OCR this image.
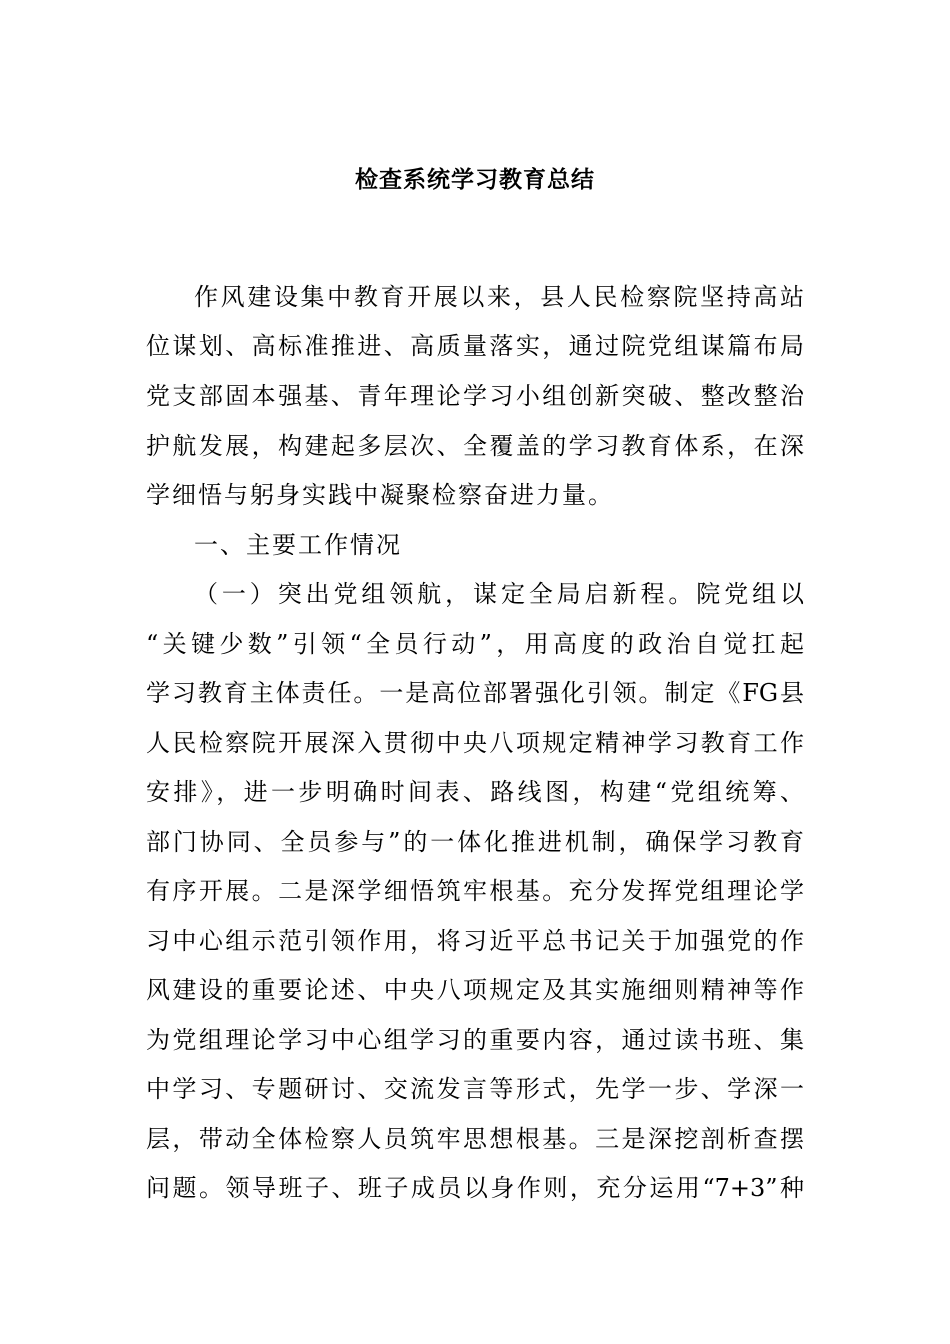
检查系统学习教育总结
作风建设集中教育开展以来，县人民检察院坚持高站
位谋划、高标准推进、高质量落实，通过院党组谋篇布局
党支部固本强基、青年理论学习小组创新突破、整改整治
护航发展，构建起多层次、全覆盖的学习教育体系，在深
学细悟与躬身实践中凝聚检察奋进力量。
一、主要工作情况
（一）突出党组领航，谋定全局启新程。院党组以
“关键少数”引领“全员行动”，用高度的政治自觉扛起
学习教育主体责任。一是高位部署强化引领。制定《FG县
人民检察院开展深入贯彻中央八项规定精神学习教育工作
安排》，进一步明确时间表、路线图，构建“党组统筹、
部门协同、全员参与”的一体化推进机制，确保学习教育
有序开展。二是深学细悟筑牢根基。充分发挥党组理论学
习中心组示范引领作用，将习近平总书记关于加强党的作
风建设的重要论述、中央八项规定及其实施细则精神等作
为党组理论学习中心组学习的重要内容，通过读书班、集
中学习、专题研讨、交流发言等形式，先学一步、学深一
层，带动全体检察人员筑牢思想根基。三是深挖剖析查摆
问题。领导班子、班子成员以身作则，充分运用“7+3”种
